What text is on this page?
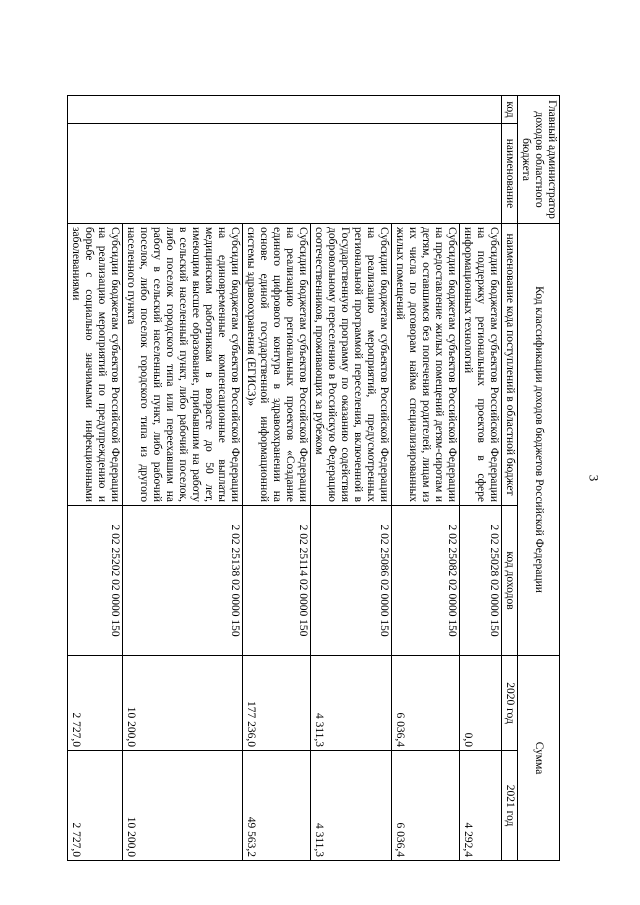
3
Главный администратор доходов областного бюджета		Код классификации доходов бюджетов Российской Федерации		Сумма	
код	наименование	наименование кода поступлений в областной бюджет	код доходов	2020 год	2021 год
		Субсидии бюджетам субъектов Российской Федерации на поддержку региональных проектов в сфере информационных технологий	2 02 25028 02 0000 150	0,0	4 292,4
		Субсидии бюджетам субъектов Российской Федерации на предоставление жилых помещений детям-сиротам и детям, оставшимся без попечения родителей, лицам из их числа по договорам найма специализированных жилых помещений	2 02 25082 02 0000 150	6 036,4	6 036,4
		Субсидии бюджетам субъектов Российской Федерации на реализацию мероприятий, предусмотренных региональной программой переселения, включенной в Государственную программу по оказанию содействия добровольному переселению в Российскую Федерацию соотечественников, проживающих за рубежом	2 02 25086 02 0000 150	4 311,3	4 311,3
		Субсидии бюджетам субъектов Российской Федерации на реализацию региональных проектов «Создание единого цифрового контура в здравоохранении на основе единой государственной информационной системы здравоохранения (ЕГИСЗ)»	2 02 25114 02 0000 150	177 236,0	49 563,2
		Субсидии бюджетам субъектов Российской Федерации на единовременные компенсационные выплаты медицинским работникам в возрасте до 50 лет, имеющим высшее образование, прибывшим на работу в сельский населенный пункт, либо рабочий поселок, либо поселок городского типа или переехавшим на работу в сельский населенный пункт, либо рабочий поселок, либо поселок городского типа из другого населенного пункта	2 02 25138 02 0000 150	10 200,0	10 200,0
		Субсидии бюджетам субъектов Российской Федерации на реализацию мероприятий по предупреждению и борьбе с социально значимыми инфекционными заболеваниями	2 02 25202 02 0000 150	2 727,0	2 727,0
